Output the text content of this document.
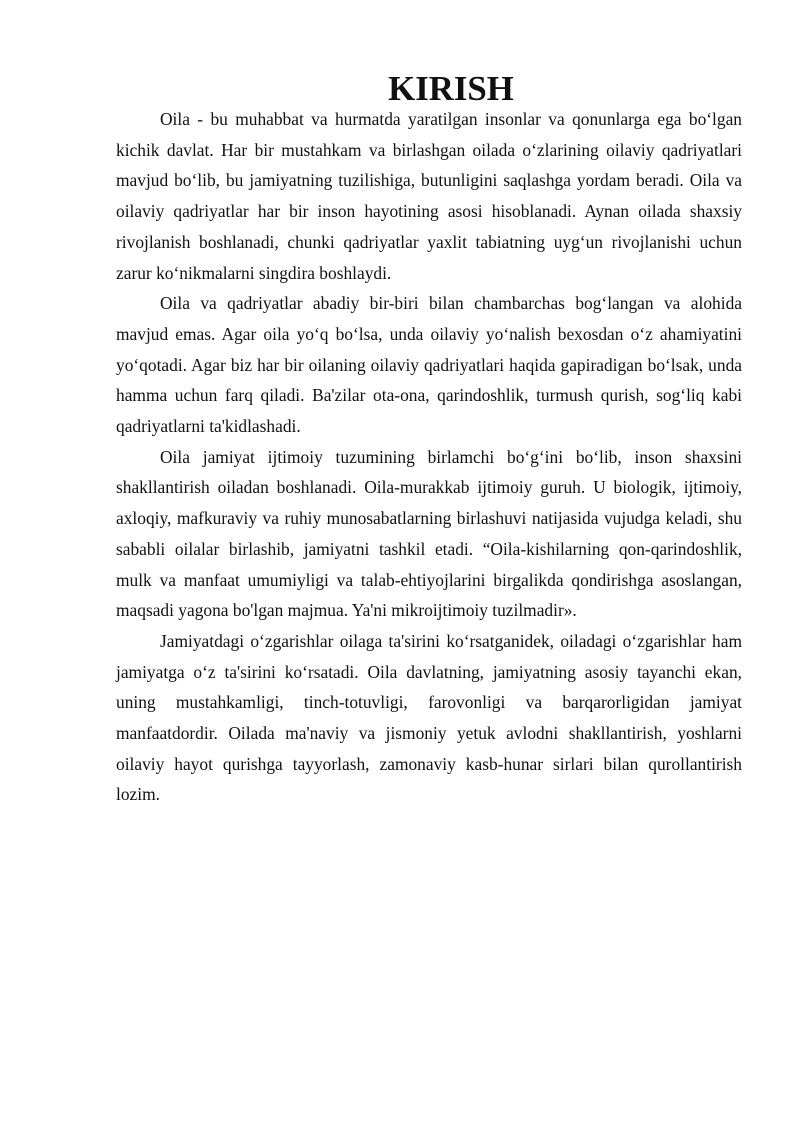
KIRISH

Oila - bu muhabbat va hurmatda yaratilgan insonlar va qonunlarga ega bo‘lgan kichik davlat. Har bir mustahkam va birlashgan oilada o‘zlarining oilaviy qadriyatlari mavjud bo‘lib, bu jamiyatning tuzilishiga, butunligini saqlashga yordam beradi. Oila va oilaviy qadriyatlar har bir inson hayotining asosi hisoblanadi. Aynan oilada shaxsiy rivojlanish boshlanadi, chunki qadriyatlar yaxlit tabiatning uyg‘un rivojlanishi uchun zarur ko‘nikmalarni singdira boshlaydi.

Oila va qadriyatlar abadiy bir-biri bilan chambarchas bog‘langan va alohida mavjud emas. Agar oila yo‘q bo‘lsa, unda oilaviy yo‘nalish bexosdan o‘z ahamiyatini yo‘qotadi. Agar biz har bir oilaning oilaviy qadriyatlari haqida gapiradigan bo‘lsak, unda hamma uchun farq qiladi. Ba'zilar ota-ona, qarindoshlik, turmush qurish, sog‘liq kabi qadriyatlarni ta'kidlashadi.

Oila jamiyat ijtimoiy tuzumining birlamchi bo‘g‘ini bo‘lib, inson shaxsini shakllantirish oiladan boshlanadi. Oila-murakkab ijtimoiy guruh. U biologik, ijtimoiy, axloqiy, mafkuraviy va ruhiy munosabatlarning birlashuvi natijasida vujudga keladi, shu sababli oilalar birlashib, jamiyatni tashkil etadi. “Oila-kishilarning qon-qarindoshlik, mulk va manfaat umumiyligi va talab-ehtiyojlarini birgalikda qondirishga asoslangan, maqsadi yagona bo'lgan majmua. Ya'ni mikroijtimoiy tuzilmadir».

Jamiyatdagi o‘zgarishlar oilaga ta'sirini ko‘rsatganidek, oiladagi o‘zgarishlar ham jamiyatga o‘z ta'sirini ko‘rsatadi. Oila davlatning, jamiyatning asosiy tayanchi ekan, uning mustahkamligi, tinch-totuvligi, farovonligi va barqarorligidan jamiyat manfaatdordir. Oilada ma'naviy va jismoniy yetuk avlodni shakllantirish, yoshlarni oilaviy hayot qurishga tayyorlash, zamonaviy kasb-hunar sirlari bilan qurollantirish lozim.
